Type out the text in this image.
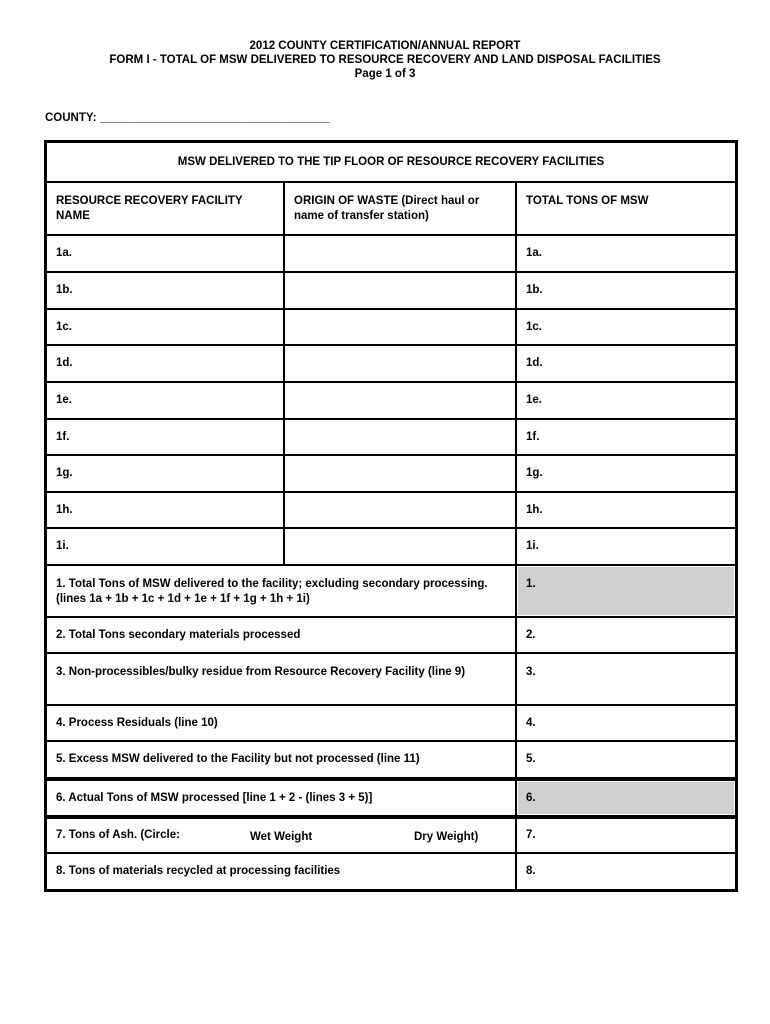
2012 COUNTY CERTIFICATION/ANNUAL REPORT
FORM I - TOTAL OF MSW DELIVERED TO RESOURCE RECOVERY AND LAND DISPOSAL FACILITIES
Page 1 of 3
COUNTY: ____________________________________
MSW DELIVERED TO THE TIP FLOOR OF RESOURCE RECOVERY FACILITIES		
RESOURCE RECOVERY FACILITY NAME	ORIGIN OF WASTE (Direct haul or name of transfer station)	TOTAL TONS OF MSW
1a.		1a.
1b.		1b.
1c.		1c.
1d.		1d.
1e.		1e.
1f.		1f.
1g.		1g.
1h.		1h.
1i.		1i.
1. Total Tons of MSW delivered to the facility; excluding secondary processing. (lines 1a + 1b + 1c + 1d + 1e + 1f + 1g + 1h + 1i)		1.
2. Total Tons secondary materials processed		2.
3. Non-processibles/bulky residue from Resource Recovery Facility (line 9)		3.
4. Process Residuals (line 10)		4.
5. Excess MSW delivered to the Facility but not processed (line 11)		5.
6. Actual Tons of MSW processed [line 1 + 2 - (lines 3 + 5)]		6.
7. Tons of Ash. (Circle: Wet Weight Dry Weight)		7.
8. Tons of materials recycled at processing facilities		8.
